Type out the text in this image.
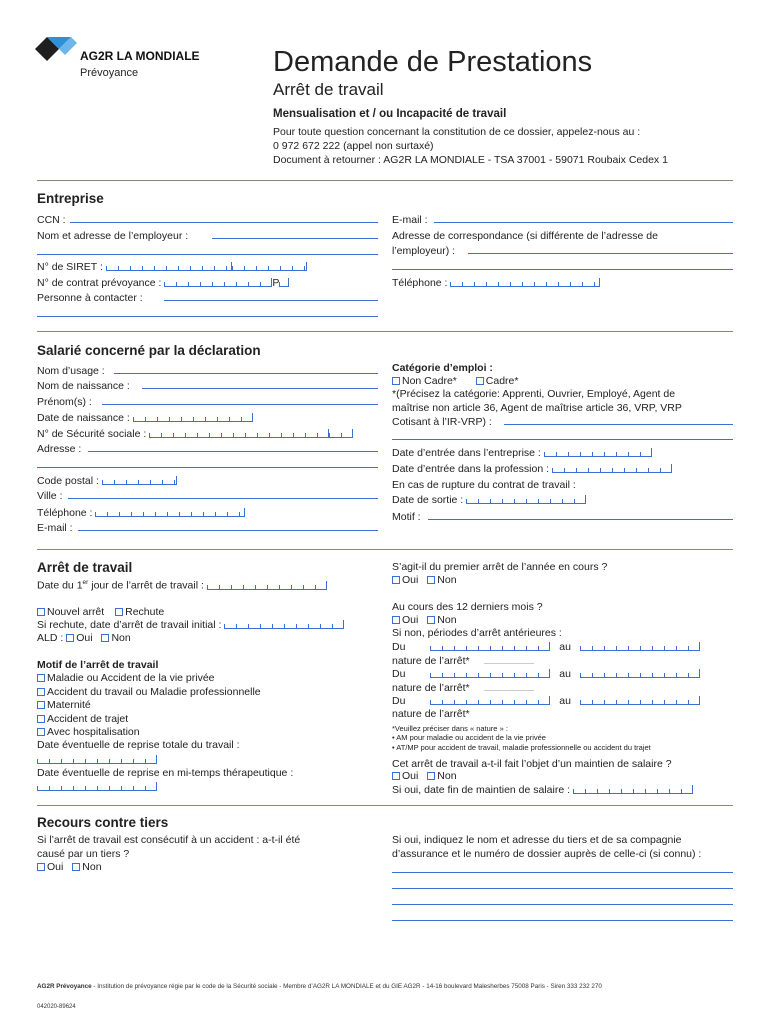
AG2R LA MONDIALE
Prévoyance	Demande de Prestations
Arrêt de travail
Mensualisation et / ou Incapacité de travail
Pour toute question concernant la constitution de ce dossier, appelez-nous au :
0 972 672 222 (appel non surtaxé)
Document à retourner : AG2R LA MONDIALE - TSA 37001 - 59071 Roubaix Cedex 1
Entreprise
CCN :
Nom et adresse de l’employeur :
N° de SIRET :
N° de contrat prévoyance :	P
Personne à contacter :
E-mail :
Adresse de correspondance (si différente de l’adresse de
l’employeur) :
Téléphone :
Salarié concerné par la déclaration
Nom d’usage :
Nom de naissance :
Prénom(s) :
Date de naissance :
N° de Sécurité sociale :
Adresse :
Code postal :
Ville :
Téléphone :
E-mail :
Catégorie d’emploi :
Non Cadre*	Cadre*
*(Précisez la catégorie: Apprenti, Ouvrier, Employé, Agent de
maîtrise non article 36, Agent de maîtrise article 36, VRP, VRP
Cotisant à l’IR-VRP) :
Date d’entrée dans l’entreprise :
Date d’entrée dans la profession :
En cas de rupture du contrat de travail :
Date de sortie :
Motif :
Arrêt de travail
Date du 1er jour de l’arrêt de travail :
Nouvel arrêt Rechute
Si rechute, date d’arrêt de travail initial :
ALD : Oui Non
Motif de l’arrêt de travail
Maladie ou Accident de la vie privée
Accident du travail ou Maladie professionnelle
Maternité
Accident de trajet
Avec hospitalisation
Date éventuelle de reprise totale du travail :
Date éventuelle de reprise en mi-temps thérapeutique :
S’agit-il du premier arrêt de l’année en cours ?
Oui Non
Au cours des 12 derniers mois ?
Oui Non
Si non, périodes d’arrêt antérieures :
Du	au
nature de l’arrêt*
Du	au
nature de l’arrêt*
Du	au
nature de l’arrêt*
*Veuillez préciser dans « nature » :
• AM pour maladie ou accident de la vie privée
• AT/MP pour accident de travail, maladie professionnelle ou accident du trajet
Cet arrêt de travail a-t-il fait l’objet d’un maintien de salaire ?
Oui Non
Si oui, date fin de maintien de salaire :
Recours contre tiers
Si l’arrêt de travail est consécutif à un accident : a-t-il été
causé par un tiers ?
Oui Non
Si oui, indiquez le nom et adresse du tiers et de sa compagnie
d’assurance et le numéro de dossier auprès de celle-ci (si connu) :
AG2R Prévoyance - Institution de prévoyance régie par le code de la Sécurité sociale - Membre d’AG2R LA MONDIALE et du GIE AG2R - 14-16 boulevard Malesherbes 75008 Paris - Siren 333 232 270
042020-89624
